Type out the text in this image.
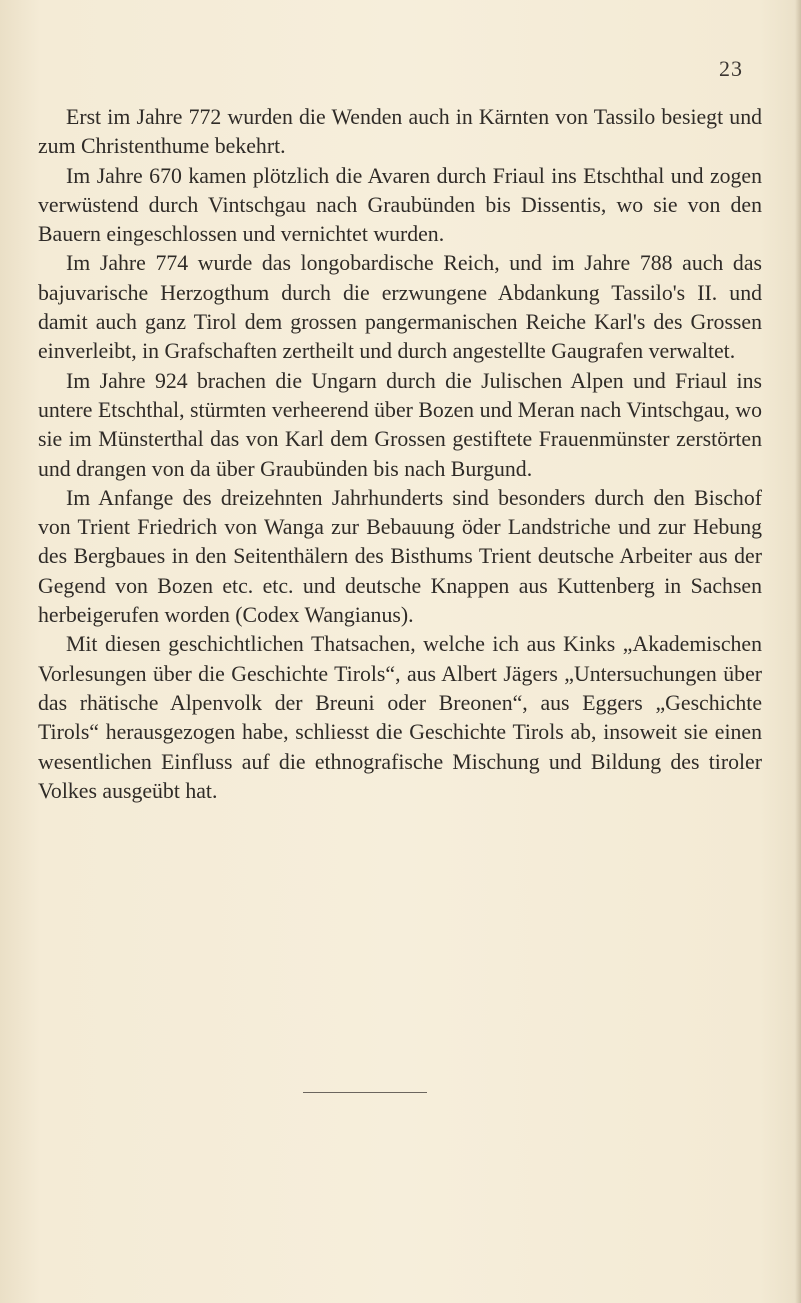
23

Erst im Jahre 772 wurden die Wenden auch in Kärnten von Tassilo besiegt und zum Christenthume bekehrt.

Im Jahre 670 kamen plötzlich die Avaren durch Friaul ins Etschthal und zogen verwüstend durch Vintschgau nach Graubünden bis Dissentis, wo sie von den Bauern eingeschlossen und vernichtet wurden.

Im Jahre 774 wurde das longobardische Reich, und im Jahre 788 auch das bajuvarische Herzogthum durch die erzwungene Abdankung Tassilo's II. und damit auch ganz Tirol dem grossen pangermanischen Reiche Karl's des Grossen einverleibt, in Grafschaften zertheilt und durch angestellte Gaugrafen verwaltet.

Im Jahre 924 brachen die Ungarn durch die Julischen Alpen und Friaul ins untere Etschthal, stürmten verheerend über Bozen und Meran nach Vintschgau, wo sie im Münsterthal das von Karl dem Grossen gestiftete Frauenmünster zerstörten und drangen von da über Graubünden bis nach Burgund.

Im Anfange des dreizehnten Jahrhunderts sind besonders durch den Bischof von Trient Friedrich von Wanga zur Bebauung öder Landstriche und zur Hebung des Bergbaues in den Seitenthälern des Bisthums Trient deutsche Arbeiter aus der Gegend von Bozen etc. etc. und deutsche Knappen aus Kuttenberg in Sachsen herbeigerufen worden (Codex Wangianus).

Mit diesen geschichtlichen Thatsachen, welche ich aus Kinks „Akademischen Vorlesungen über die Geschichte Tirols“, aus Albert Jägers „Untersuchungen über das rhätische Alpenvolk der Breuni oder Breonen“, aus Eggers „Geschichte Tirols“ herausgezogen habe, schliesst die Geschichte Tirols ab, insoweit sie einen wesentlichen Einfluss auf die ethnografische Mischung und Bildung des tiroler Volkes ausgeübt hat.
